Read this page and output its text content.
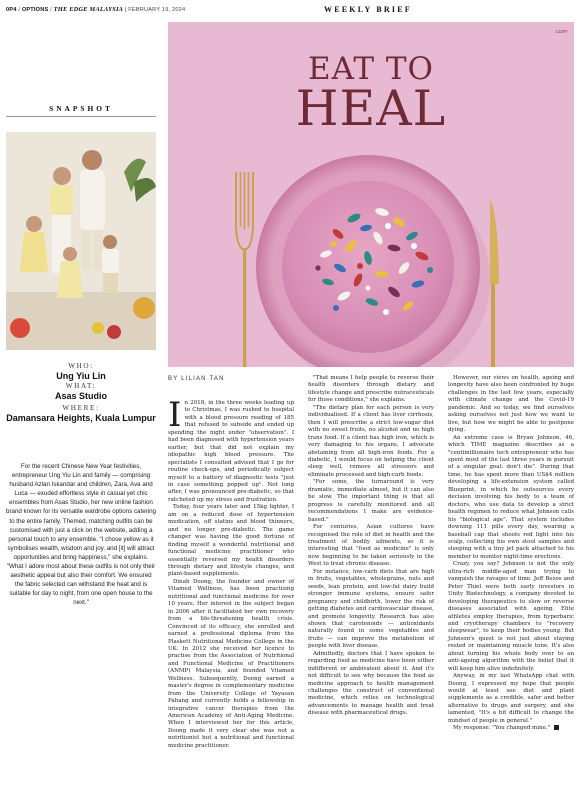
0P4 / OPTIONS / THE EDGE MALAYSIA | FEBRUARY 19, 2024	WEEKLY BRIEF
EAT TO
HEAL
123RF
SNAPSHOT
WHO:
Ung Yiu Lin
WHAT:
Asas Studio
WHERE:
Damansara Heights, Kuala Lumpur
For the recent Chinese New Year festivities, entrepreneur Ung Yiu Lin and family — comprising husband Azlan Iskandar and children, Zara, Ava and Luca — exuded effortless style in casual yet chic ensembles from Asas Studio, her new online fashion brand known for its versatile wardrobe options catering to the entire family. Themed, matching outfits can be customised with just a click on the website, adding a personal touch to any ensemble. "I chose yellow as it symbolises wealth, wisdom and joy, and [it] will attract opportunities and bring happiness," she explains. "What I adore most about these outfits is not only their aesthetic appeal but also their comfort. We ensured the fabric selected can withstand the heat and is suitable for day to night, from one open house to the next."
BY LILIAN TAN

In 2018, in the three weeks leading up to Christmas, I was rushed to hospital with a blood pressure reading of 185 that refused to subside and ended up spending the night under "observation". I had been diagnosed with hypertension years earlier, but that did not explain my idiopathic high blood pressure. The specialists I consulted advised that I go for routine check-ups, and periodically subject myself to a battery of diagnostic tests "just in case something popped up". Not long after, I was pronounced pre-diabetic, so that ratcheted up my stress and frustration.

Today, four years later and 15kg lighter, I am on a reduced dose of hypertension medication, off statins and blood thinners, and no longer pre-diabetic. The game changer was having the good fortune of finding myself a wonderful nutritional and functional medicine practitioner who essentially reversed my health disorders through dietary and lifestyle changes, and plant-based supplements.

Dinah Doong, the founder and owner of Vitamed Wellness, has been practising nutritional and functional medicine for over 10 years. Her interest in the subject began in 2006 after it facilitated her own recovery from a life-threatening health crisis. Convinced of its efficacy, she enrolled and earned a professional diploma from the Plaskett Nutritional Medicine College in the UK. In 2012 she received her licence to practise from the Association of Nutritional and Functional Medicine of Practitioners (ANMP) Malaysia, and founded Vitamed Wellness. Subsequently, Doong earned a master's degree in complementary medicine from the University College of Yayasan Pahang and currently holds a fellowship in integrative cancer therapies from the American Academy of Anti-Aging Medicine. When I interviewed her for this article, Doong made it very clear she was not a nutritionist but a nutritional and functional medicine practitioner.

"That means I help people to reverse their health disorders through dietary and lifestyle change and prescribe nutraceuticals for those conditions," she explains.

"The dietary plan for each person is very individualised. If a client has liver cirrhosis, then I will prescribe a strict low-sugar diet with no sweet fruits, no alcohol and no high trans food. If a client has high iron, which is very damaging to his organs, I advocate abstaining from all high-iron foods. For a diabetic, I would focus on helping the client sleep well, remove all stressors and eliminate processed and high-carb foods.

"For some, the turnaround is very dramatic, immediate almost, but it can also be slow. The important thing is that all progress is carefully monitored and all recommendations I make are evidence-based."

For centuries, Asian cultures have recognised the role of diet in health and the treatment of bodily ailments, so it is interesting that "food as medicine" is only now beginning to be taken seriously in the West to treat chronic disease.

For instance, low-carb diets that are high in fruits, vegetables, wholegrains, nuts and seeds, lean protein, and low-fat dairy build stronger immune systems, ensure safer pregnancy and childbirth, lower the risk of getting diabetes and cardiovascular disease, and promote longevity. Research has also shown that carotenoids — antioxidants naturally found in some vegetables and fruits — can improve the metabolism of people with liver disease.

Admittedly, doctors that I have spoken to regarding food as medicine have been either indifferent or ambivalent about it. And it's not difficult to see why because the food as medicine approach to health management challenges the construct of conventional medicine, which relies on technological advancements to manage health and treat disease with pharmaceutical drugs.

However, our views on health, ageing and longevity have also been confronted by huge challenges in the last few years, especially with climate change and the Covid-19 pandemic. And so today, we find ourselves asking ourselves not just how we want to live, but how we might be able to postpone dying.

An extreme case is Bryan Johnson, 46, which TIME magazine describes as a "centimillionaire tech entrepreneur who has spent most of the last three years in pursuit of a singular goal: don't die". During that time, he has spent more than US$4 million developing a life-extension system called Blueprint, in which he outsources every decision involving his body to a team of doctors, who use data to develop a strict health regimen to reduce what Johnson calls his "biological age". That system includes downing 111 pills every day, wearing a baseball cap that shoots red light into his scalp, collecting his own stool samples and sleeping with a tiny jet pack attached to his member to monitor night-time erections.

Crazy, you say? Johnson is not the only ultra-rich middle-aged man trying to vanquish the ravages of time. Jeff Bezos and Peter Thiel were both early investors in Unity Biotechnology, a company devoted to developing therapeutics to slow or reverse diseases associated with ageing. Elite athletes employ therapies, from hyperbaric and cryotherapy chambers to "recovery sleepwear", to keep their bodies young. But Johnson's quest is not just about staying rested or maintaining muscle tone. It's also about turning his whole body over to an anti-ageing algorithm with the belief that it will keep him alive indefinitely.

Anyway, in my last WhatsApp chat with Doong, I expressed my hope that people would at least see diet and plant supplements as a credible, safer and better alternative to drugs and surgery, and she lamented, "It's a bit difficult to change the mindset of people in general."

My response: "You changed mine."
